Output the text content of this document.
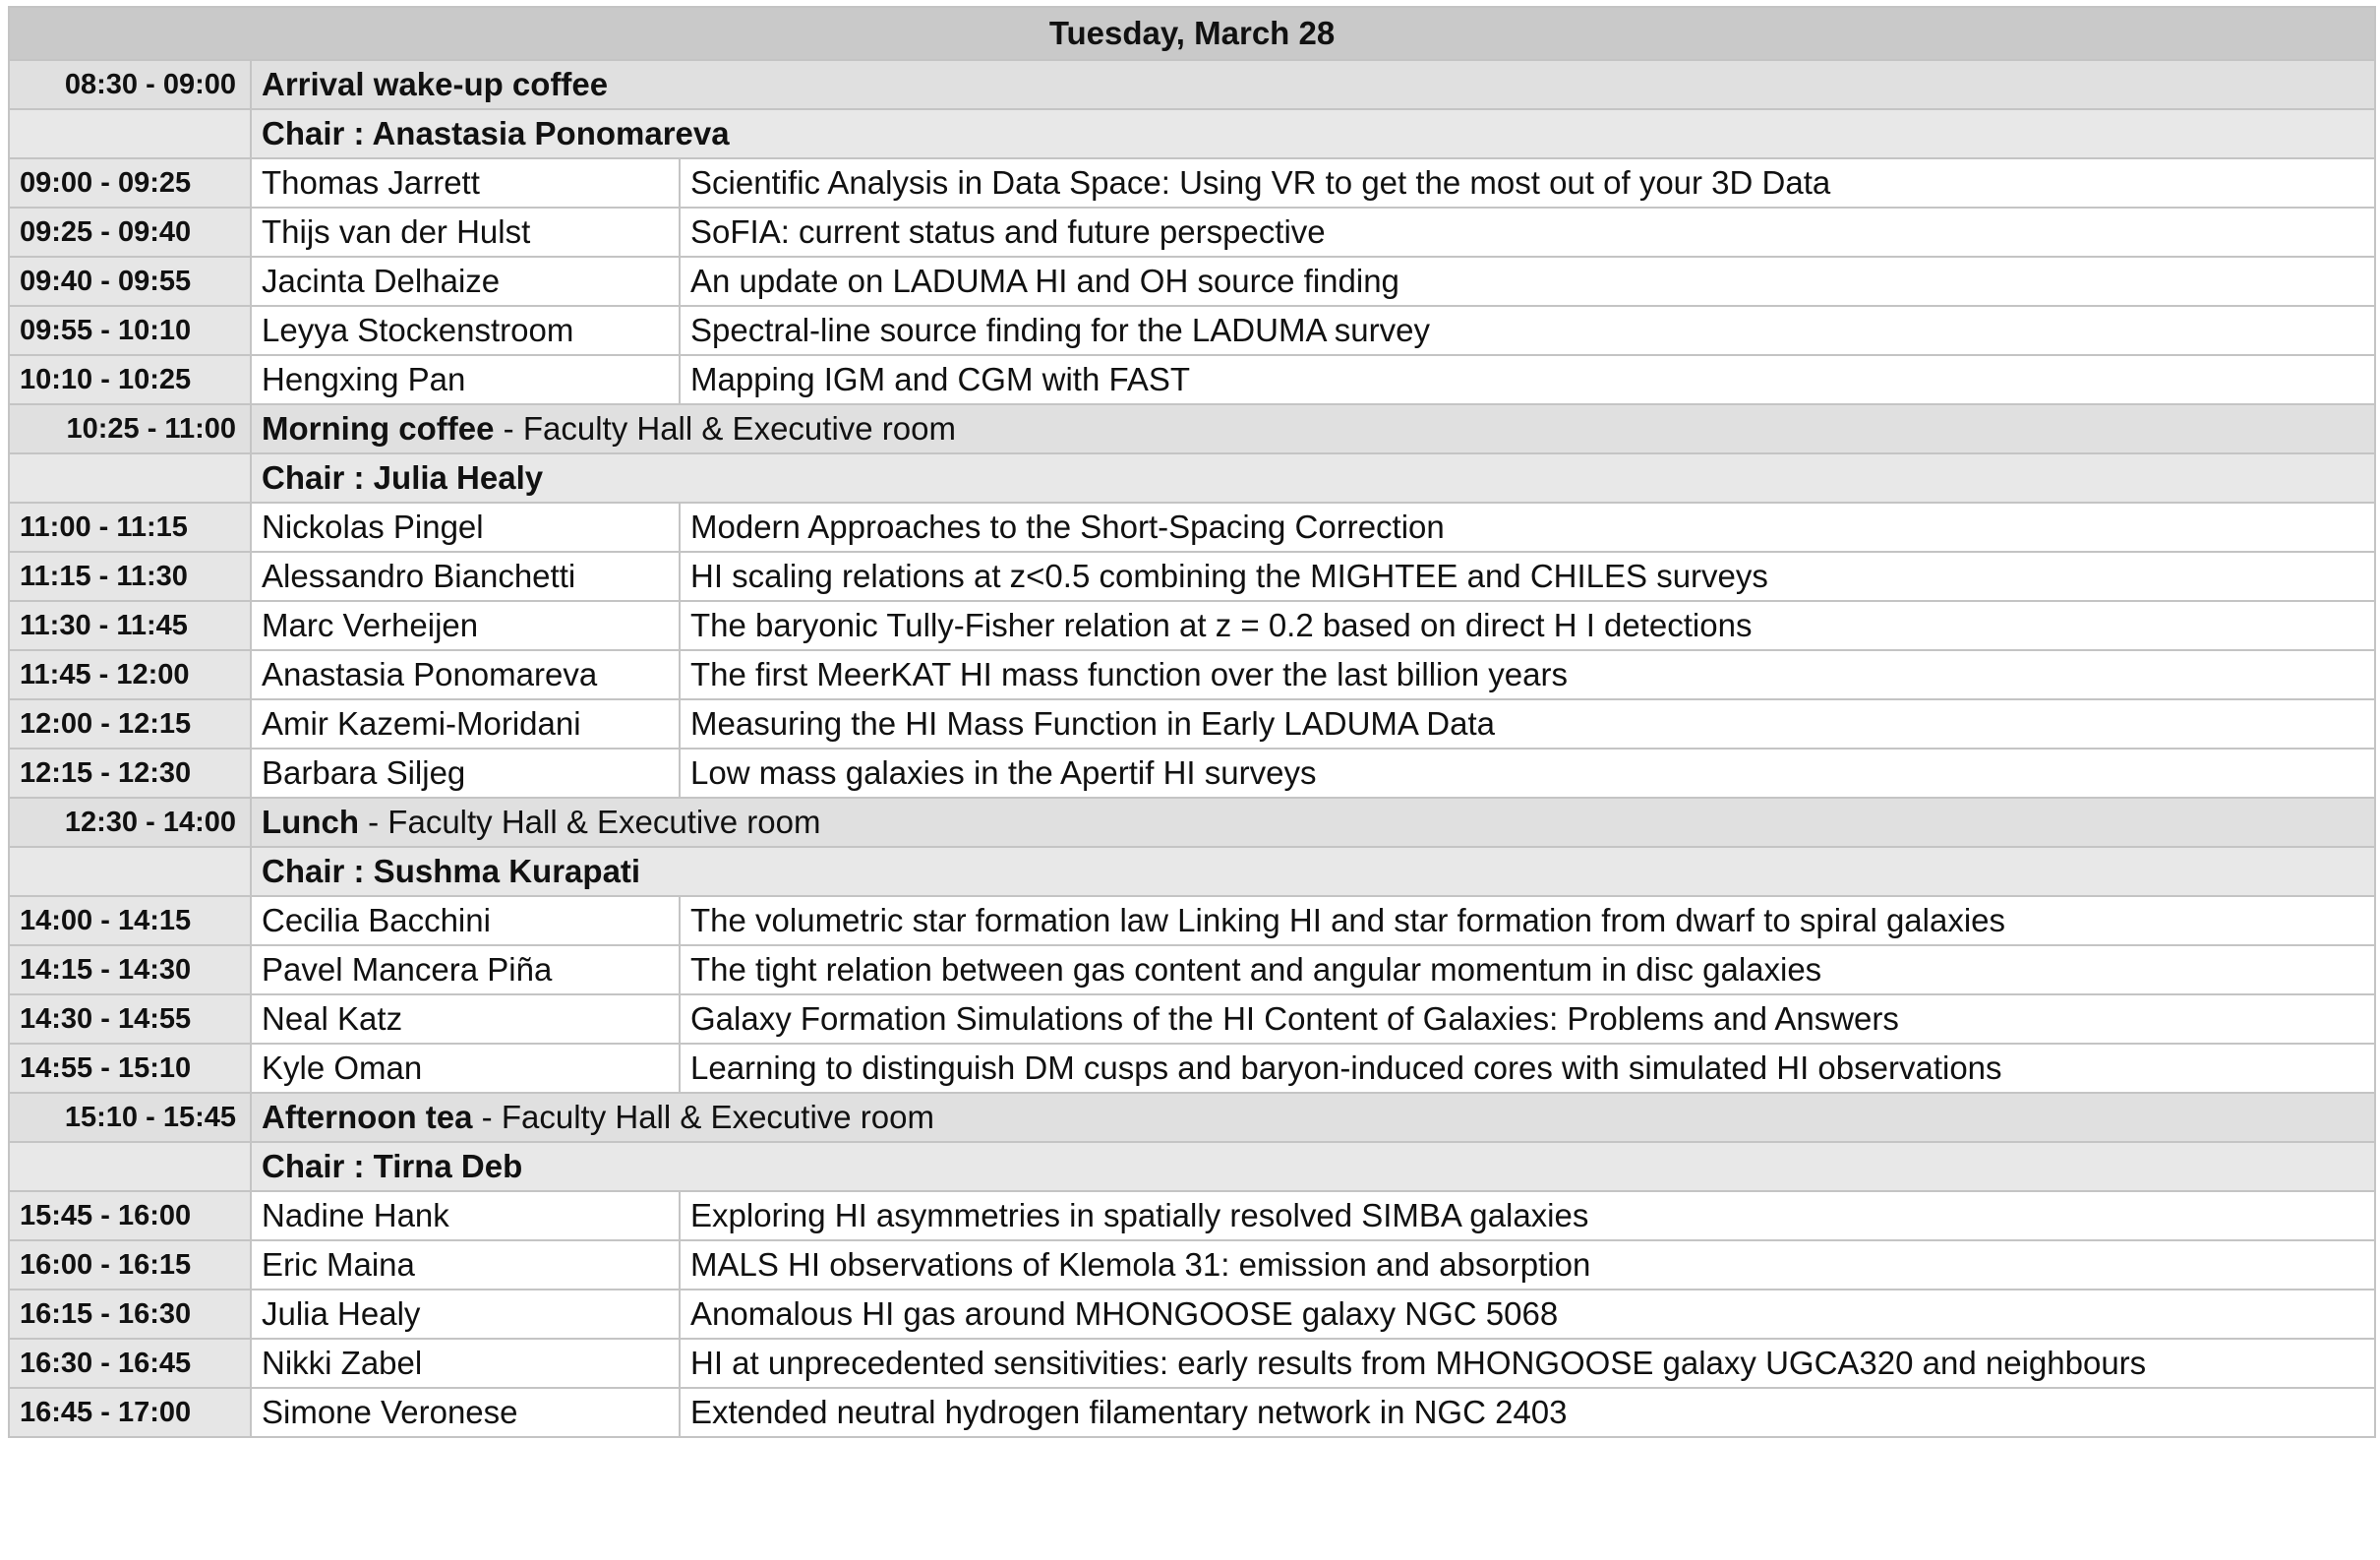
Tuesday, March 28		
08:30 - 09:00	Arrival wake-up coffee	
	Chair : Anastasia Ponomareva	
09:00 - 09:25	Thomas Jarrett	Scientific Analysis in Data Space: Using VR to get the most out of your 3D Data
09:25 - 09:40	Thijs van der Hulst	SoFIA: current status and future perspective
09:40 - 09:55	Jacinta Delhaize	An update on LADUMA HI and OH source finding
09:55 - 10:10	Leyya Stockenstroom	Spectral-line source finding for the LADUMA survey
10:10 - 10:25	Hengxing Pan	Mapping IGM and CGM with FAST
10:25 - 11:00	Morning coffee - Faculty Hall & Executive room	
	Chair : Julia Healy	
11:00 - 11:15	Nickolas Pingel	Modern Approaches to the Short-Spacing Correction
11:15 - 11:30	Alessandro Bianchetti	HI scaling relations at z<0.5 combining the MIGHTEE and CHILES surveys
11:30 - 11:45	Marc Verheijen	The baryonic Tully-Fisher relation at z = 0.2 based on direct H I detections
11:45 - 12:00	Anastasia Ponomareva	The first MeerKAT HI mass function over the last billion years
12:00 - 12:15	Amir Kazemi-Moridani	Measuring the HI Mass Function in Early LADUMA Data
12:15 - 12:30	Barbara Siljeg	Low mass galaxies in the Apertif HI surveys
12:30 - 14:00	Lunch - Faculty Hall & Executive room	
	Chair : Sushma Kurapati	
14:00 - 14:15	Cecilia Bacchini	The volumetric star formation law Linking HI and star formation from dwarf to spiral galaxies
14:15 - 14:30	Pavel Mancera Piña	The tight relation between gas content and angular momentum in disc galaxies
14:30 - 14:55	Neal Katz	Galaxy Formation Simulations of the HI Content of Galaxies: Problems and Answers
14:55 - 15:10	Kyle Oman	Learning to distinguish DM cusps and baryon-induced cores with simulated HI observations
15:10 - 15:45	Afternoon tea - Faculty Hall & Executive room	
	Chair : Tirna Deb	
15:45 - 16:00	Nadine Hank	Exploring HI asymmetries in spatially resolved SIMBA galaxies
16:00 - 16:15	Eric Maina	MALS HI observations of Klemola 31: emission and absorption
16:15 - 16:30	Julia Healy	Anomalous HI gas around MHONGOOSE galaxy NGC 5068
16:30 - 16:45	Nikki Zabel	HI at unprecedented sensitivities: early results from MHONGOOSE galaxy UGCA320 and neighbours
16:45 - 17:00	Simone Veronese	Extended neutral hydrogen filamentary network in NGC 2403
